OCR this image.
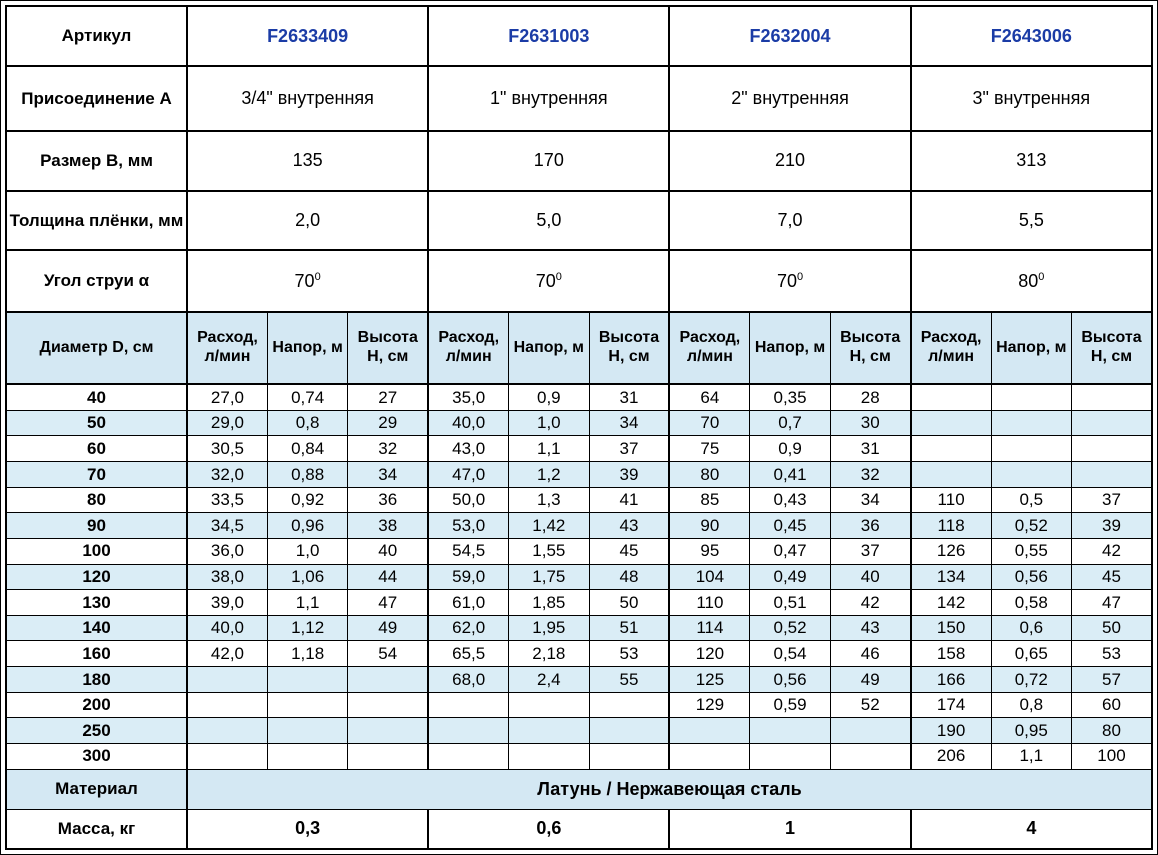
Артикул	F2633409			F2631003			F2632004			F2643006		
Присоединение А	3/4" внутренняя			1" внутренняя			2" внутренняя			3" внутренняя		
Размер В, мм	135			170			210			313		
Толщина плёнки, мм	2,0			5,0			7,0			5,5		
Угол струи α	$70^0$			$70^0$			$70^0$			$80^0$
Диаметр D, см	Расход, л/мин	Напор, м	Высота Н, см	Расход, л/мин	Напор, м	Высота Н, см	Расход, л/мин	Напор, м	Высота Н, см	Расход, л/мин	Напор, м	Высота Н, см
40	27,0	0,74	27	35,0	0,9	31	64	0,35	28			
50	29,0	0,8	29	40,0	1,0	34	70	0,7	30			
60	30,5	0,84	32	43,0	1,1	37	75	0,9	31			
70	32,0	0,88	34	47,0	1,2	39	80	0,41	32			
80	33,5	0,92	36	50,0	1,3	41	85	0,43	34	110	0,5	37
90	34,5	0,96	38	53,0	1,42	43	90	0,45	36	118	0,52	39
100	36,0	1,0	40	54,5	1,55	45	95	0,47	37	126	0,55	42
120	38,0	1,06	44	59,0	1,75	48	104	0,49	40	134	0,56	45
130	39,0	1,1	47	61,0	1,85	50	110	0,51	42	142	0,58	47
140	40,0	1,12	49	62,0	1,95	51	114	0,52	43	150	0,6	50
160	42,0	1,18	54	65,5	2,18	53	120	0,54	46	158	0,65	53
180				68,0	2,4	55	125	0,56	49	166	0,72	57
200							129	0,59	52	174	0,8	60
250										190	0,95	80
300										206	1,1	100
Материал	Латунь / Нержавеющая сталь											
Масса, кг	0,3			0,6			1			4		
